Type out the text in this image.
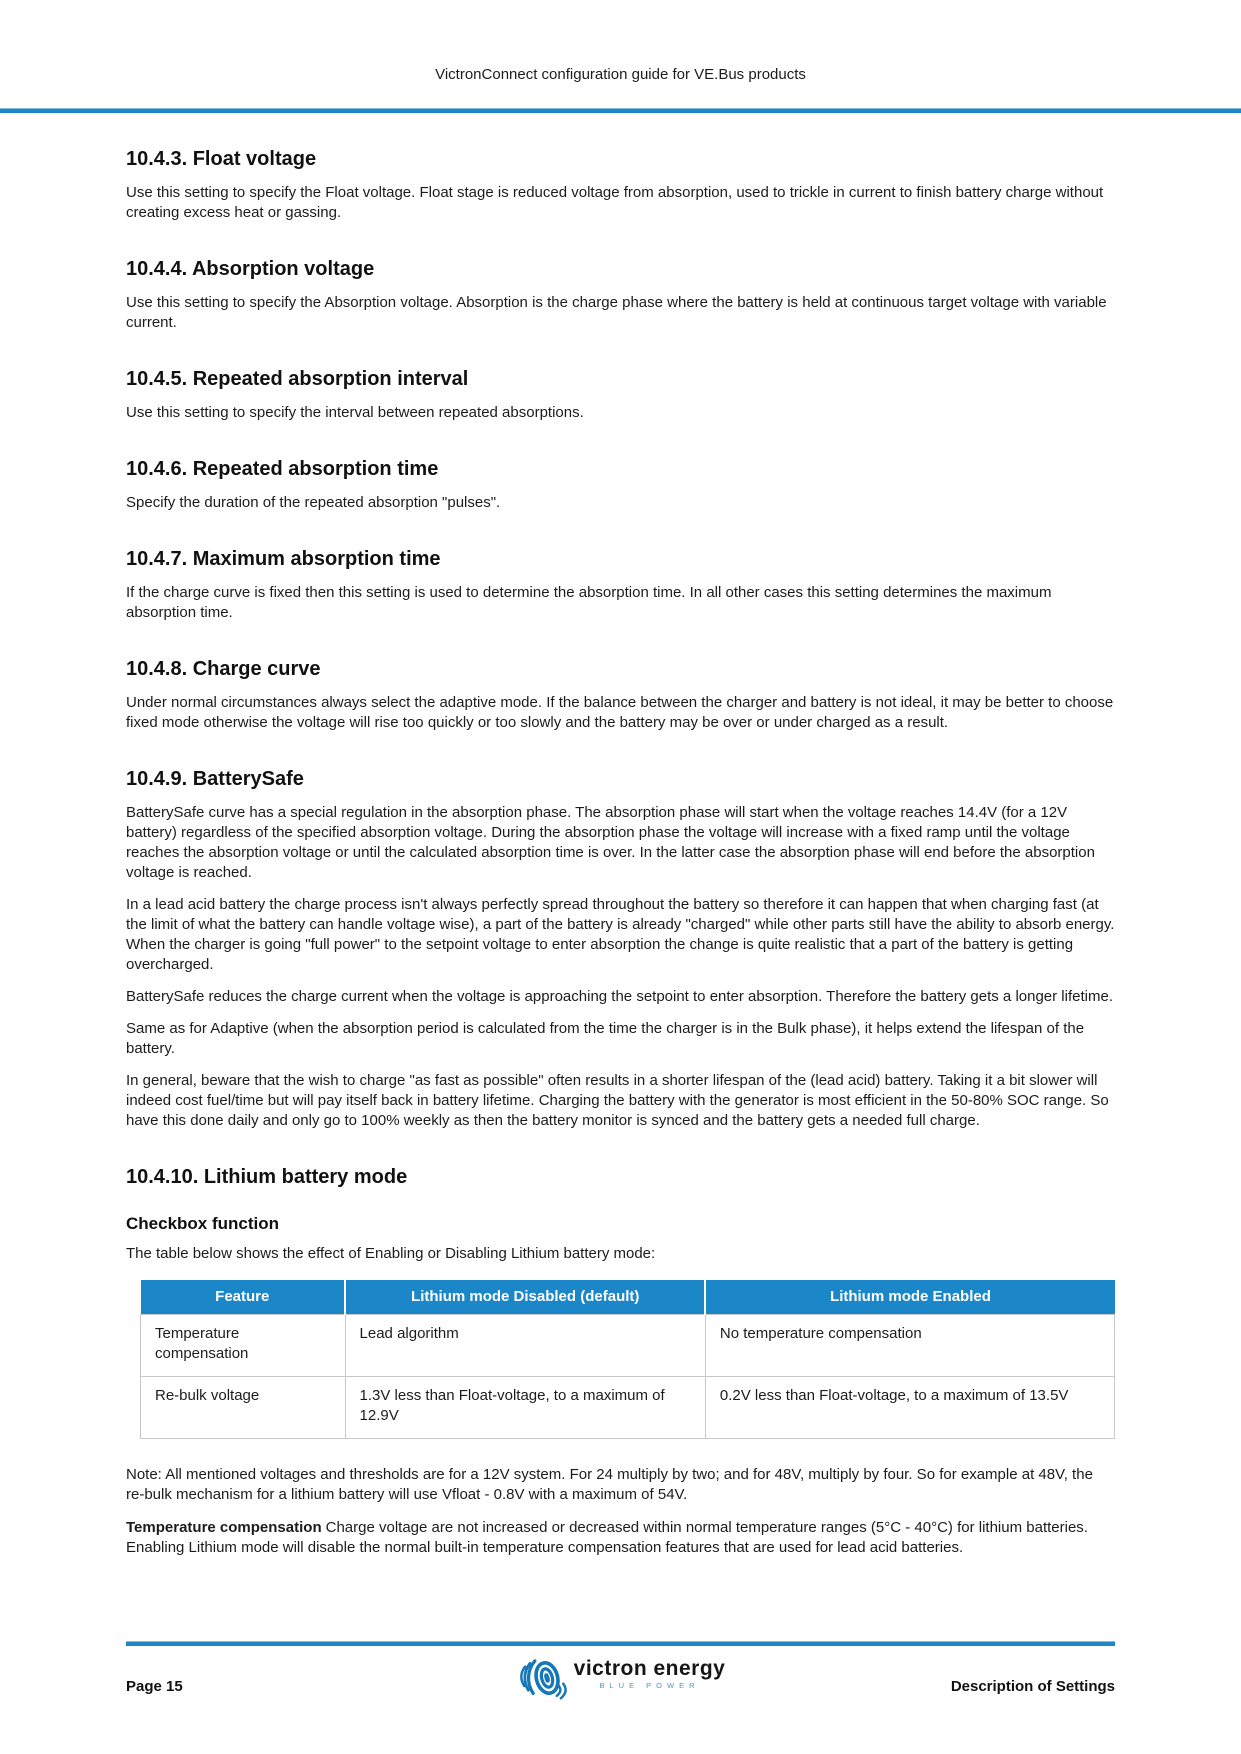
VictronConnect configuration guide for VE.Bus products
10.4.3. Float voltage

Use this setting to specify the Float voltage. Float stage is reduced voltage from absorption, used to trickle in current to finish battery charge without creating excess heat or gassing.

10.4.4. Absorption voltage

Use this setting to specify the Absorption voltage. Absorption is the charge phase where the battery is held at continuous target voltage with variable current.

10.4.5. Repeated absorption interval

Use this setting to specify the interval between repeated absorptions.

10.4.6. Repeated absorption time

Specify the duration of the repeated absorption "pulses".

10.4.7. Maximum absorption time

If the charge curve is fixed then this setting is used to determine the absorption time. In all other cases this setting determines the maximum absorption time.

10.4.8. Charge curve

Under normal circumstances always select the adaptive mode. If the balance between the charger and battery is not ideal, it may be better to choose fixed mode otherwise the voltage will rise too quickly or too slowly and the battery may be over or under charged as a result.

10.4.9. BatterySafe

BatterySafe curve has a special regulation in the absorption phase. The absorption phase will start when the voltage reaches 14.4V (for a 12V battery) regardless of the specified absorption voltage. During the absorption phase the voltage will increase with a fixed ramp until the voltage reaches the absorption voltage or until the calculated absorption time is over. In the latter case the absorption phase will end before the absorption voltage is reached.

In a lead acid battery the charge process isn't always perfectly spread throughout the battery so therefore it can happen that when charging fast (at the limit of what the battery can handle voltage wise), a part of the battery is already "charged" while other parts still have the ability to absorb energy. When the charger is going "full power" to the setpoint voltage to enter absorption the change is quite realistic that a part of the battery is getting overcharged.

BatterySafe reduces the charge current when the voltage is approaching the setpoint to enter absorption. Therefore the battery gets a longer lifetime.

Same as for Adaptive (when the absorption period is calculated from the time the charger is in the Bulk phase), it helps extend the lifespan of the battery.

In general, beware that the wish to charge "as fast as possible" often results in a shorter lifespan of the (lead acid) battery. Taking it a bit slower will indeed cost fuel/time but will pay itself back in battery lifetime. Charging the battery with the generator is most efficient in the 50-80% SOC range. So have this done daily and only go to 100% weekly as then the battery monitor is synced and the battery gets a needed full charge.

10.4.10. Lithium battery mode
Checkbox function

The table below shows the effect of Enabling or Disabling Lithium battery mode:

Feature	Lithium mode Disabled (default)	Lithium mode Enabled
Temperature compensation	Lead algorithm	No temperature compensation
Re-bulk voltage	1.3V less than Float-voltage, to a maximum of 12.9V	0.2V less than Float-voltage, to a maximum of 13.5V

Note: All mentioned voltages and thresholds are for a 12V system. For 24 multiply by two; and for 48V, multiply by four. So for example at 48V, the re-bulk mechanism for a lithium battery will use Vfloat - 0.8V with a maximum of 54V.

Temperature compensation Charge voltage are not increased or decreased within normal temperature ranges (5°C - 40°C) for lithium batteries. Enabling Lithium mode will disable the normal built-in temperature compensation features that are used for lead acid batteries.

Page 15
victron energy
BLUE POWER	Description of Settings
